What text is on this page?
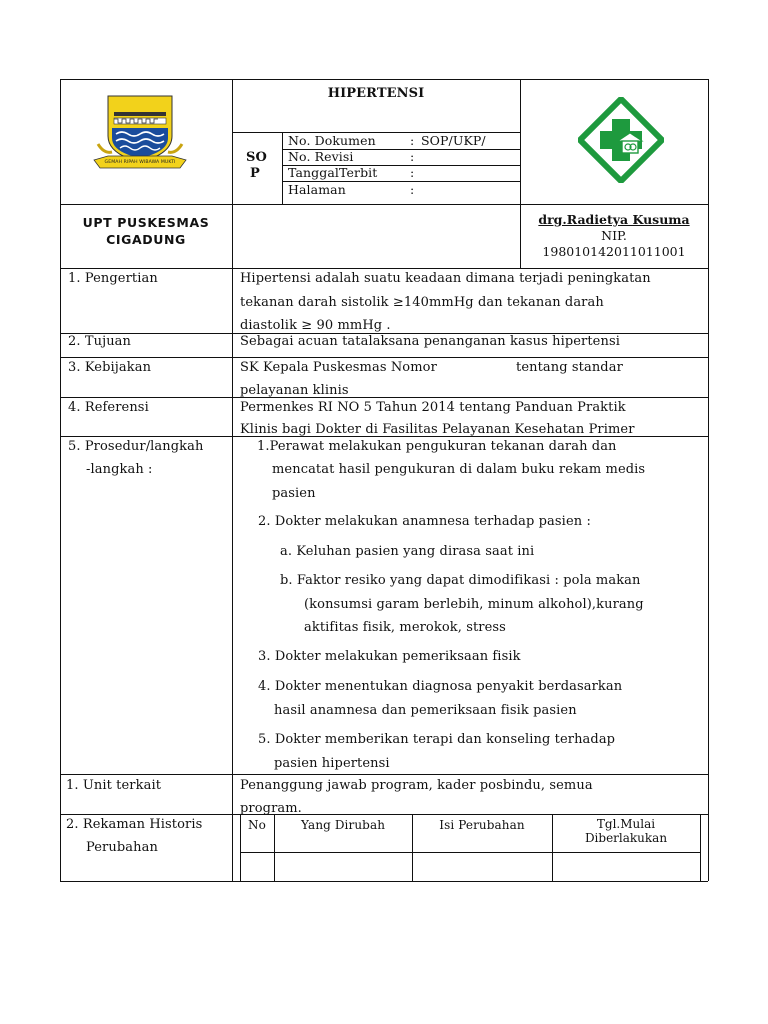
GEMAH RIPAH WIBAWA MUKTI
HIPERTENSI
SO
P
No. Dokumen	: SOP/UKP/
No. Revisi	:
TanggalTerbit	:
Halaman	:
UPT PUSKESMAS
CIGADUNG
drg.Radietya Kusuma
NIP.
198010142011011001
1. Pengertian	Hipertensi adalah suatu keadaan dimana terjadi peningkatan
tekanan darah sistolik ≥140mmHg dan tekanan darah
diastolik ≥ 90 mmHg .
2. Tujuan	Sebagai acuan tatalaksana penanganan kasus hipertensi
3. Kebijakan	SK Kepala Puskesmas Nomor	tentang standar
pelayanan klinis
4. Referensi	Permenkes RI NO 5 Tahun 2014 tentang Panduan Praktik
Klinis bagi Dokter di Fasilitas Pelayanan Kesehatan Primer
5. Prosedur/langkah
-langkah :
1.Perawat melakukan pengukuran tekanan darah dan
mencatat hasil pengukuran di dalam buku rekam medis
pasien
2. Dokter melakukan anamnesa terhadap pasien :
a. Keluhan pasien yang dirasa saat ini
b. Faktor resiko yang dapat dimodifikasi : pola makan
(konsumsi garam berlebih, minum alkohol),kurang
aktifitas fisik, merokok, stress
3. Dokter melakukan pemeriksaan fisik
4. Dokter menentukan diagnosa penyakit berdasarkan
hasil anamnesa dan pemeriksaan fisik pasien
5. Dokter memberikan terapi dan konseling terhadap
pasien hipertensi
1. Unit terkait	Penanggung jawab program, kader posbindu, semua
program.
2. Rekaman Historis
Perubahan
No	Yang Dirubah	Isi Perubahan	Tgl.Mulai
Diberlakukan
